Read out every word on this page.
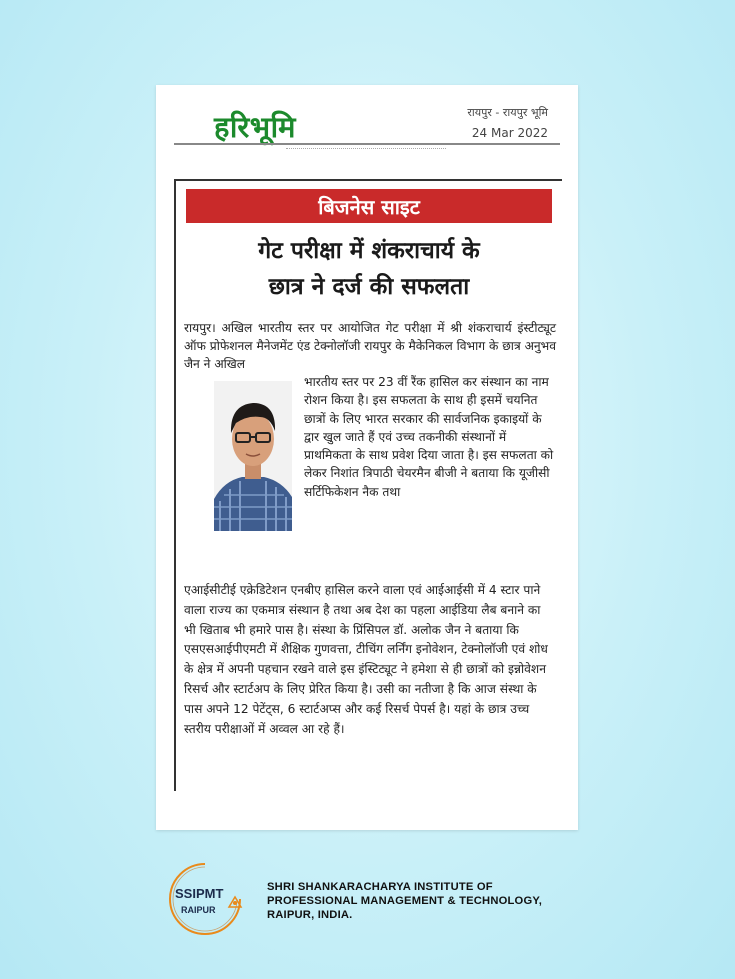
हरिभूमि	रायपुर - रायपुर भूमि
24 Mar 2022
बिजनेस साइट
गेट परीक्षा में शंकराचार्य के
छात्र ने दर्ज की सफलता
रायपुर। अखिल भारतीय स्तर पर आयोजित गेट परीक्षा में श्री शंकराचार्य इंस्टीट्यूट ऑफ प्रोफेशनल मैनेजमेंट एंड टेक्नोलॉजी रायपुर के मैकेनिकल विभाग के छात्र अनुभव जैन ने अखिल
भारतीय स्तर पर 23 वीं रैंक हासिल कर संस्थान का नाम रोशन किया है। इस सफलता के साथ ही इसमें चयनित छात्रों के लिए भारत सरकार की सार्वजनिक इकाइयों के द्वार खुल जाते हैं एवं उच्च तकनीकी संस्थानों में प्राथमिकता के साथ प्रवेश दिया जाता है। इस सफलता को लेकर निशांत त्रिपाठी चेयरमैन बीजी ने बताया कि यूजीसी सर्टिफिकेशन नैक तथा
एआईसीटीई एक्रेडिटेशन एनबीए हासिल करने वाला एवं आईआईसी में 4 स्टार पाने वाला राज्य का एकमात्र संस्थान है तथा अब देश का पहला आईडिया लैब बनाने का भी खिताब भी हमारे पास है। संस्था के प्रिंसिपल डॉ. अलोक जैन ने बताया कि एसएसआईपीएमटी में शैक्षिक गुणवत्ता, टीचिंग लर्निंग इनोवेशन, टेक्नोलॉजी एवं शोध के क्षेत्र में अपनी पहचान रखने वाले इस इंस्टिट्यूट ने हमेशा से ही छात्रों को इन्नोवेशन रिसर्च और स्टार्टअप के लिए प्रेरित किया है। उसी का नतीजा है कि आज संस्था के पास अपने 12 पेटेंट्स, 6 स्टार्टअप्स और कई रिसर्च पेपर्स है। यहां के छात्र उच्च स्तरीय परीक्षाओं में अव्वल आ रहे हैं।
SSIPMT
RAIPUR
SHRI SHANKARACHARYA INSTITUTE OF
PROFESSIONAL MANAGEMENT & TECHNOLOGY,
RAIPUR, INDIA.
